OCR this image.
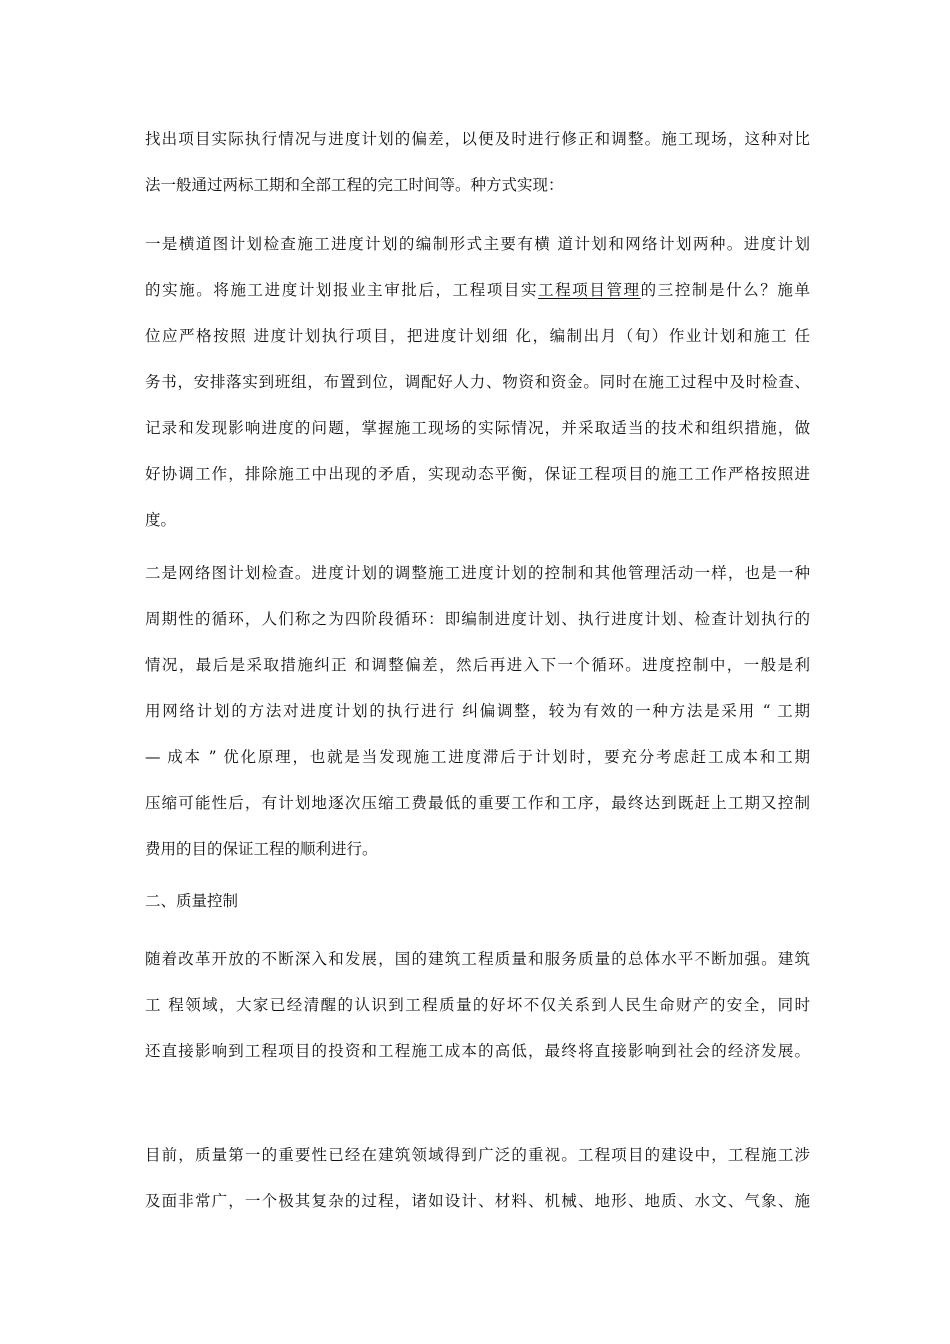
找出项目实际执行情况与进度计划的偏差，以便及时进行修正和调整。施工现场，这种对比
法一般通过两标工期和全部工程的完工时间等。种方式实现：
一是横道图计划检查施工进度计划的编制形式主要有横 道计划和网络计划两种。进度计划
的实施。将施工进度计划报业主审批后，工程项目实工程项目管理的三控制是什么？施单
位应严格按照 进度计划执行项目，把进度计划细 化，编制出月（旬）作业计划和施工 任
务书，安排落实到班组，布置到位，调配好人力、物资和资金。同时在施工过程中及时检查、
记录和发现影响进度的问题，掌握施工现场的实际情况，并采取适当的技术和组织措施，做
好协调工作，排除施工中出现的矛盾，实现动态平衡，保证工程项目的施工工作严格按照进
度。
二是网络图计划检查。进度计划的调整施工进度计划的控制和其他管理活动一样，也是一种
周期性的循环，人们称之为四阶段循环：即编制进度计划、执行进度计划、检查计划执行的
情况，最后是采取措施纠正 和调整偏差，然后再进入下一个循环。进度控制中，一般是利
用网络计划的方法对进度计划的执行进行 纠偏调整，较为有效的一种方法是采用 “ 工期
— 成本 ” 优化原理，也就是当发现施工进度滞后于计划时，要充分考虑赶工成本和工期
压缩可能性后，有计划地逐次压缩工费最低的重要工作和工序，最终达到既赶上工期又控制
费用的目的保证工程的顺利进行。
二、质量控制
随着改革开放的不断深入和发展，国的建筑工程质量和服务质量的总体水平不断加强。建筑
工 程领域，大家已经清醒的认识到工程质量的好坏不仅关系到人民生命财产的安全，同时
还直接影响到工程项目的投资和工程施工成本的高低，最终将直接影响到社会的经济发展。
目前，质量第一的重要性已经在建筑领域得到广泛的重视。工程项目的建设中，工程施工涉
及面非常广，一个极其复杂的过程，诸如设计、材料、机械、地形、地质、水文、气象、施
